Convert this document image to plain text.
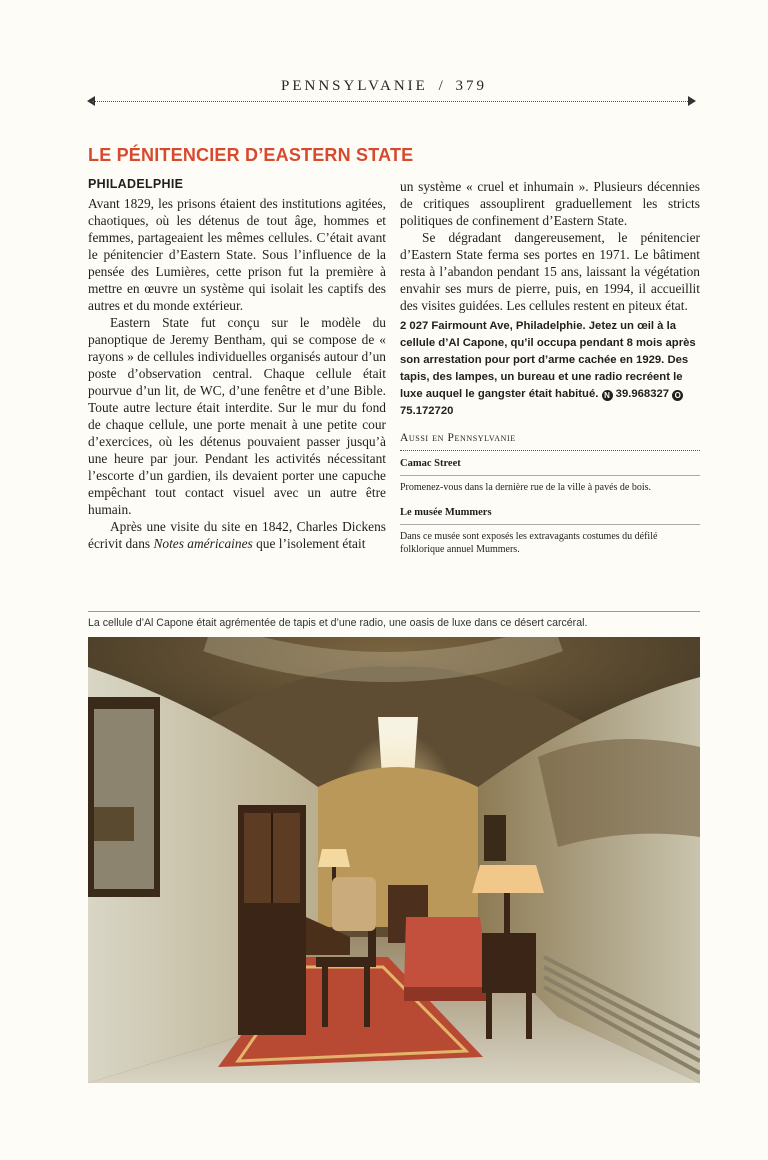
PENNSYLVANIE / 379
LE PÉNITENCIER D’EASTERN STATE
PHILADELPHIE

Avant 1829, les prisons étaient des institutions agitées, chaotiques, où les détenus de tout âge, hommes et femmes, partageaient les mêmes cellules. C’était avant le pénitencier d’Eastern State. Sous l’influence de la pensée des Lumières, cette prison fut la première à mettre en œuvre un système qui isolait les captifs des autres et du monde extérieur.

Eastern State fut conçu sur le modèle du panoptique de Jeremy Bentham, qui se compose de « rayons » de cellules individuelles organisés autour d’un poste d’observation central. Chaque cellule était pourvue d’un lit, de WC, d’une fenêtre et d’une Bible. Toute autre lecture était interdite. Sur le mur du fond de chaque cellule, une porte menait à une petite cour d’exercices, où les détenus pouvaient passer jusqu’à une heure par jour. Pendant les activités nécessitant l’escorte d’un gardien, ils devaient porter une capuche empêchant tout contact visuel avec un autre être humain.

Après une visite du site en 1842, Charles Dickens écrivit dans Notes américaines que l’isolement était

un système « cruel et inhumain ». Plusieurs décennies de critiques assouplirent graduellement les stricts politiques de confinement d’Eastern State.

Se dégradant dangereusement, le pénitencier d’Eastern State ferma ses portes en 1971. Le bâtiment resta à l’abandon pendant 15 ans, laissant la végétation envahir ses murs de pierre, puis, en 1994, il accueillit des visites guidées. Les cellules restent en piteux état.

2 027 Fairmount Ave, Philadelphie. Jetez un œil à la cellule d’Al Capone, qu’il occupa pendant 8 mois après son arrestation pour port d’arme cachée en 1929. Des tapis, des lampes, un bureau et une radio recréent le luxe auquel le gangster était habitué. N 39.968327 O 75.172720
Aussi en Pennsylvanie
Camac Street
Promenez-vous dans la dernière rue de la ville à pavés de bois.
Le musée Mummers
Dans ce musée sont exposés les extravagants costumes du défilé folklorique annuel Mummers.
La cellule d’Al Capone était agrémentée de tapis et d’une radio, une oasis de luxe dans ce désert carcéral.
